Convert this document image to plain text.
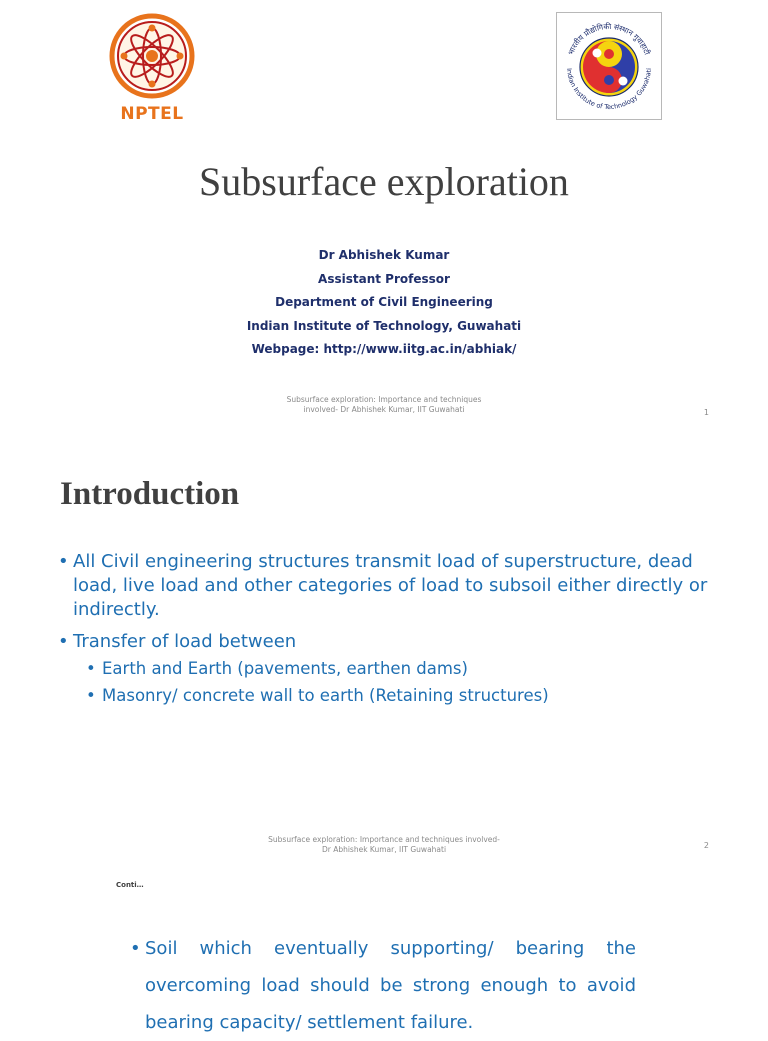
NPTEL
भारतीय प्रौद्योगिकी संस्थान गुवाहाटी
Indian Institute of Technology Guwahati
Subsurface exploration
Dr Abhishek Kumar
Assistant Professor
Department of Civil Engineering
Indian Institute of Technology, Guwahati
Webpage: http://www.iitg.ac.in/abhiak/
Subsurface exploration: Importance and techniques
involved- Dr Abhishek Kumar, IIT Guwahati	1
Introduction
• All Civil engineering structures transmit load of superstructure, dead load, live load and other categories of load to subsoil either directly or indirectly.
• Transfer of load between
• Earth and Earth (pavements, earthen dams)
• Masonry/ concrete wall to earth (Retaining structures)
Subsurface exploration: Importance and techniques involved-
Dr Abhishek Kumar, IIT Guwahati	2
Conti…
• Soil which eventually supporting/ bearing the overcoming load should be strong enough to avoid bearing capacity/ settlement failure.
